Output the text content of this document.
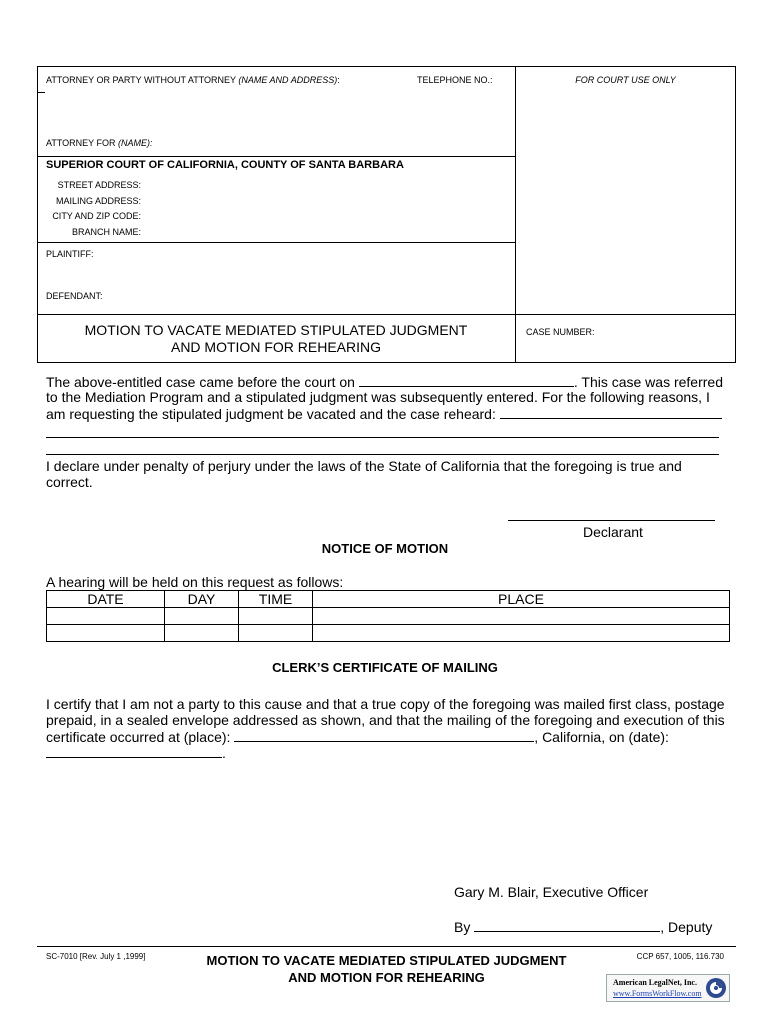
ATTORNEY OR PARTY WITHOUT ATTORNEY (NAME AND ADDRESS):	TELEPHONE NO.:	FOR COURT USE ONLY
ATTORNEY FOR (NAME):
SUPERIOR COURT OF CALIFORNIA, COUNTY OF SANTA BARBARA
STREET ADDRESS:
MAILING ADDRESS:
CITY AND ZIP CODE:
BRANCH NAME:
PLAINTIFF:
DEFENDANT:
MOTION TO VACATE MEDIATED STIPULATED JUDGMENT
AND MOTION FOR REHEARING
CASE NUMBER:
The above-entitled case came before the court on	. This case was referred
to the Mediation Program and a stipulated judgment was subsequently entered. For the following reasons, I
am requesting the stipulated judgment be vacated and the case reheard:
I declare under penalty of perjury under the laws of the State of California that the foregoing is true and
correct.
Declarant
NOTICE OF MOTION
A hearing will be held on this request as follows:
DATE	DAY	TIME	PLACE

CLERK’S CERTIFICATE OF MAILING
I certify that I am not a party to this cause and that a true copy of the foregoing was mailed first class, postage
prepaid, in a sealed envelope addressed as shown, and that the mailing of the foregoing and execution of this
certificate occurred at (place):	, California, on (date):
.
Gary M. Blair, Executive Officer
By	, Deputy
SC-7010 [Rev. July 1 ,1999]	MOTION TO VACATE MEDIATED STIPULATED JUDGMENT
AND MOTION FOR REHEARING
CCP 657, 1005, 116.730
American LegalNet, Inc.
www.FormsWorkFlow.com
